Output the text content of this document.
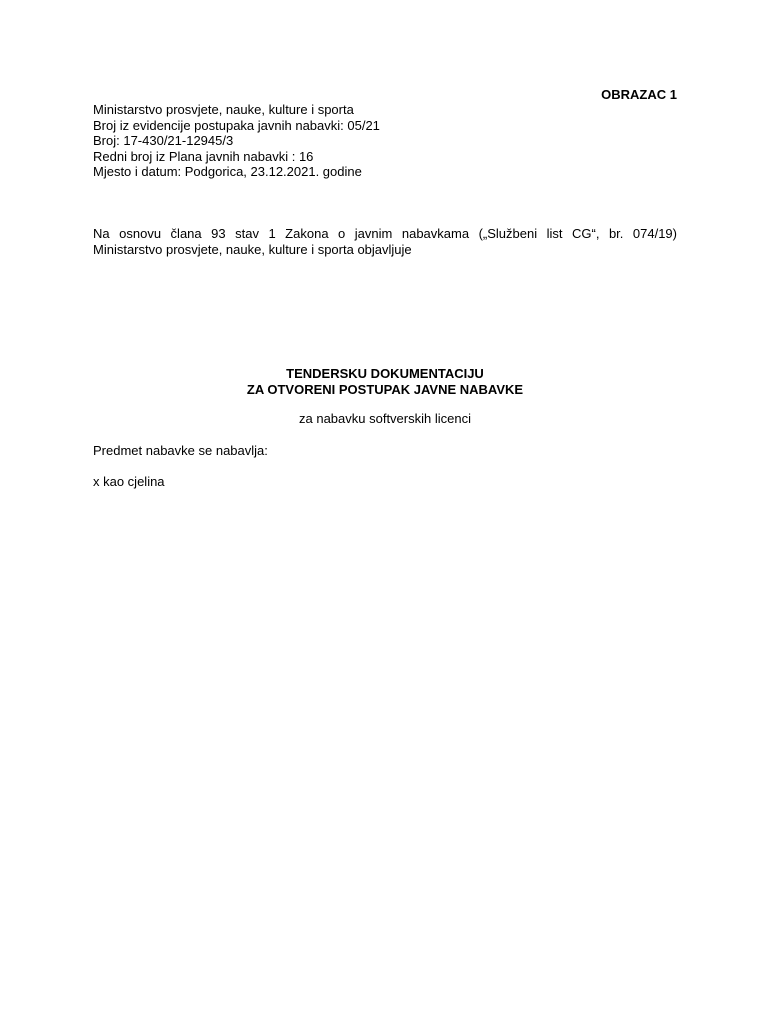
OBRAZAC 1
Ministarstvo prosvjete, nauke, kulture i sporta
Broj iz evidencije postupaka javnih nabavki: 05/21
Broj: 17-430/21-12945/3
Redni broj iz Plana javnih nabavki : 16
Mjesto i datum: Podgorica, 23.12.2021. godine
Na osnovu člana 93 stav 1 Zakona o javnim nabavkama („Službeni list CG“, br. 074/19)
Ministarstvo prosvjete, nauke, kulture i sporta objavljuje
TENDERSKU DOKUMENTACIJU
ZA OTVORENI POSTUPAK JAVNE NABAVKE
za nabavku softverskih licenci
Predmet nabavke se nabavlja:
x kao cjelina
